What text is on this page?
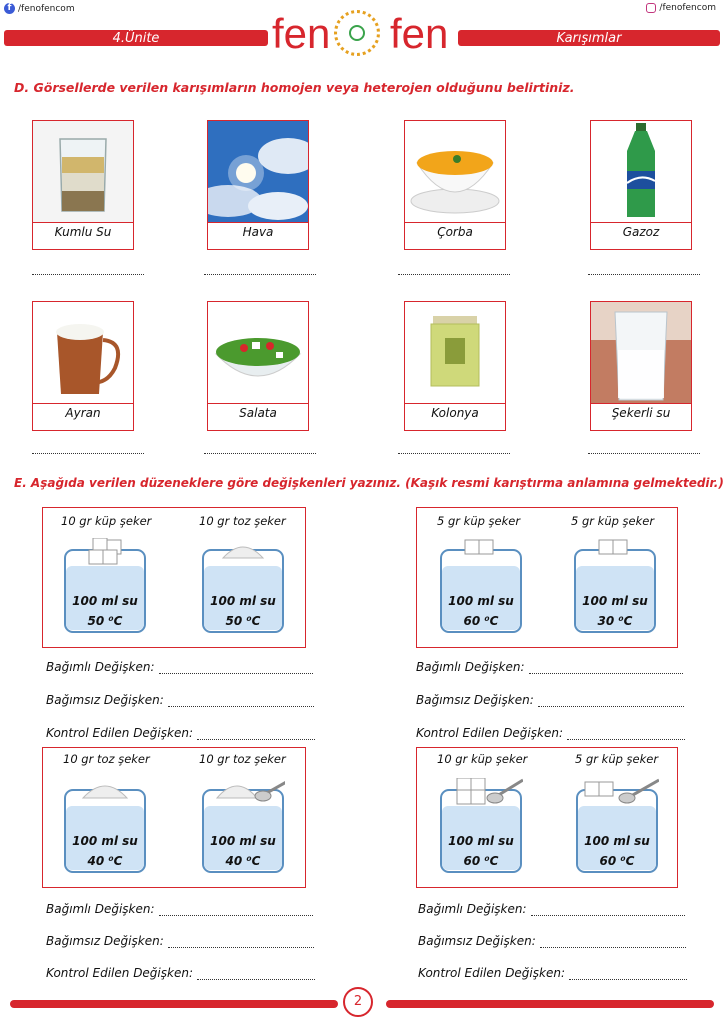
f /fenofencom	/fenofencom
4.Ünite	Karışımlar
fen fen
D. Görsellerde verilen karışımların homojen veya heterojen olduğunu belirtiniz.
Kumlu Su	Hava	Çorba	Gazoz
Ayran	Salata	Kolonya	Şekerli su
E. Aşağıda verilen düzeneklere göre değişkenleri yazınız. (Kaşık resmi karıştırma anlamına gelmektedir.)
10 gr küp şeker	10 gr toz şeker
100 ml su
50 ⁰C
100 ml su
50 ⁰C
5 gr küp şeker	5 gr küp şeker
100 ml su
60 ⁰C
100 ml su
30 ⁰C
Bağımlı Değişken:
Bağımsız Değişken:
Kontrol Edilen Değişken:
Bağımlı Değişken:
Bağımsız Değişken:
Kontrol Edilen Değişken:
10 gr toz şeker	10 gr toz şeker
100 ml su
40 ⁰C
100 ml su
40 ⁰C
10 gr küp şeker	5 gr küp şeker
100 ml su
60 ⁰C
100 ml su
60 ⁰C
Bağımlı Değişken:
Bağımsız Değişken:
Kontrol Edilen Değişken:
Bağımlı Değişken:
Bağımsız Değişken:
Kontrol Edilen Değişken:
2
